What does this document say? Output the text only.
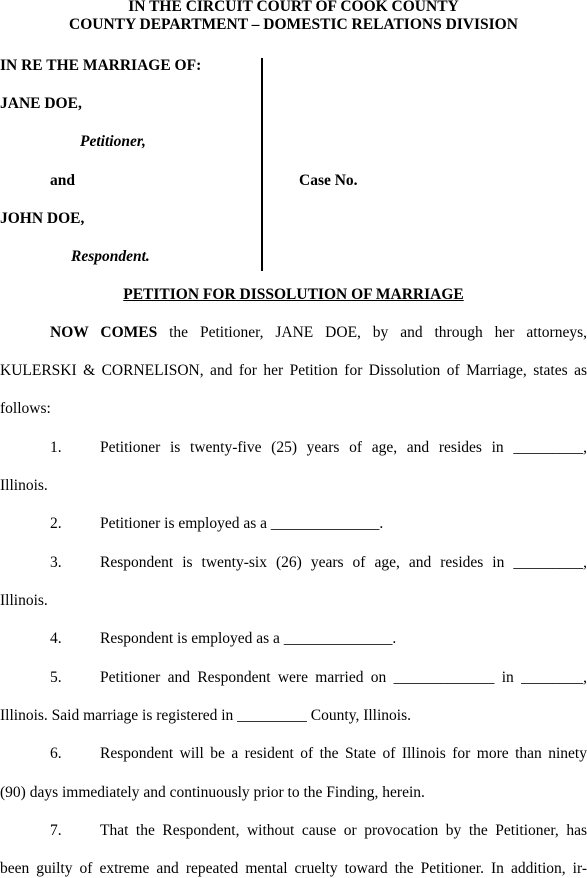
IN THE CIRCUIT COURT OF COOK COUNTY
COUNTY DEPARTMENT – DOMESTIC RELATIONS DIVISION
IN RE THE MARRIAGE OF:
JANE DOE,
Petitioner,
and
JOHN DOE,
Respondent.
Case No.
PETITION FOR DISSOLUTION OF MARRIAGE
NOW COMES the Petitioner, JANE DOE, by and through her attorneys,
KULERSKI & CORNELISON, and for her Petition for Dissolution of Marriage, states as
follows:
1. Petitioner is twenty-five (25) years of age, and resides in _________,
Illinois.
2. Petitioner is employed as a ______________.
3. Respondent is twenty-six (26) years of age, and resides in _________,
Illinois.
4. Respondent is employed as a ______________.
5. Petitioner and Respondent were married on _____________ in ________,
Illinois. Said marriage is registered in _________ County, Illinois.
6. Respondent will be a resident of the State of Illinois for more than ninety
(90) days immediately and continuously prior to the Finding, herein.
7. That the Respondent, without cause or provocation by the Petitioner, has
been guilty of extreme and repeated mental cruelty toward the Petitioner. In addition, ir-
